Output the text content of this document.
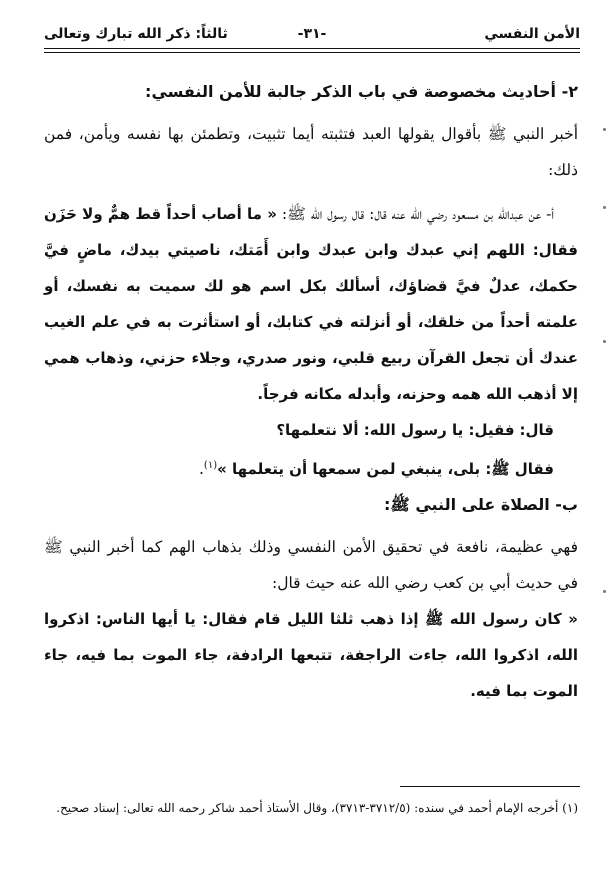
الأمن النفسي
-٣١-
ثالثاً: ذكر الله تبارك وتعالى

٢- أحاديث مخصوصة في باب الذكر جالبة للأمن النفسي:

أخبر النبي ﷺ بأقوال يقولها العبد فتثبته أيما تثبيت، وتطمئن بها نفسه ويأمن، فمن ذلك:

أ- عن عبدالله بن مسعود رضي الله عنه قال: قال رسول الله ﷺ: « ما أصاب أحداً قط همٌّ ولا حَزَن فقال: اللهم إني عبدك وابن عبدك وابن أَمَتك، ناصيتي بيدك، ماضٍ فيَّ حكمك، عدلٌ فيَّ قضاؤك، أسألك بكل اسم هو لك سميت به نفسك، أو علمته أحداً من خلقك، أو أنزلته في كتابك، أو استأثرت به في علم الغيب عندك أن تجعل القرآن ربيع قلبي، ونور صدري، وجلاء حزني، وذهاب همي إلا أذهب الله همه وحزنه، وأبدله مكانه فرجاً.

قال: فقيل: يا رسول الله: ألا نتعلمها؟

فقال ﷺ: بلى، ينبغي لمن سمعها أن يتعلمها »$^{(١)}$.

ب- الصلاة على النبي ﷺ:

فهي عظيمة، نافعة في تحقيق الأمن النفسي وذلك بذهاب الهم كما أخبر النبي ﷺ في حديث أبي بن كعب رضي الله عنه حيث قال:

« كان رسول الله ﷺ إذا ذهب ثلثا الليل قام فقال: يا أيها الناس: اذكروا الله، اذكروا الله، جاءت الراجفة، تتبعها الرادفة، جاء الموت بما فيه، جاء الموت بما فيه.

(١) أخرجه الإمام أحمد في سنده: (٣٧١٢/٥-٣٧١٣)، وقال الأستاذ أحمد شاكر رحمه الله تعالى: إسناد صحيح.
